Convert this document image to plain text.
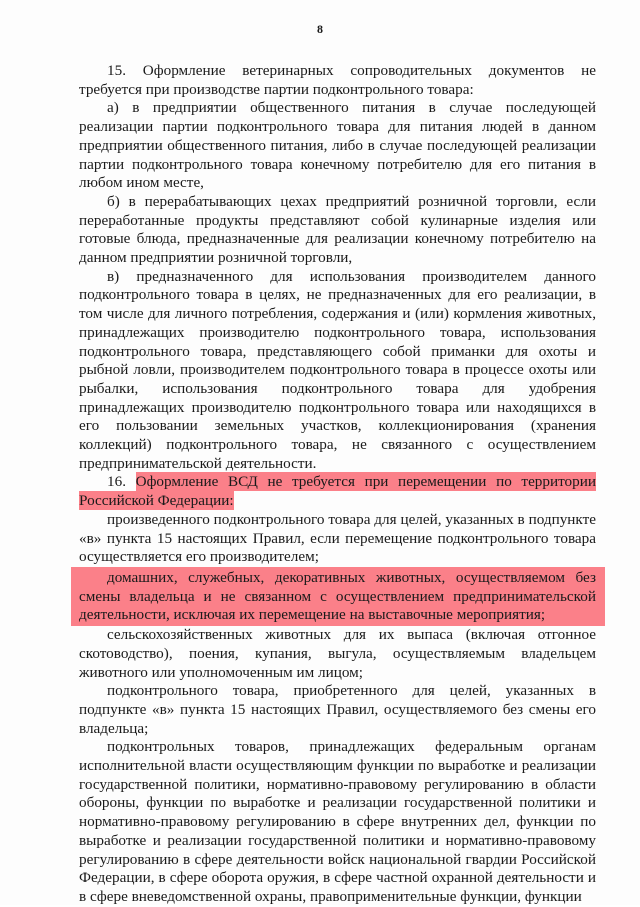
8

15. Оформление ветеринарных сопроводительных документов не требуется при производстве партии подконтрольного товара:

а) в предприятии общественного питания в случае последующей реализации партии подконтрольного товара для питания людей в данном предприятии общественного питания, либо в случае последующей реализации партии подконтрольного товара конечному потребителю для его питания в любом ином месте,

б) в перерабатывающих цехах предприятий розничной торговли, если переработанные продукты представляют собой кулинарные изделия или готовые блюда, предназначенные для реализации конечному потребителю на данном предприятии розничной торговли,

в) предназначенного для использования производителем данного подконтрольного товара в целях, не предназначенных для его реализации, в том числе для личного потребления, содержания и (или) кормления животных, принадлежащих производителю подконтрольного товара, использования подконтрольного товара, представляющего собой приманки для охоты и рыбной ловли, производителем подконтрольного товара в процессе охоты или рыбалки, использования подконтрольного товара для удобрения принадлежащих производителю подконтрольного товара или находящихся в его пользовании земельных участков, коллекционирования (хранения коллекций) подконтрольного товара, не связанного с осуществлением предпринимательской деятельности.

16. Оформление ВСД не требуется при перемещении по территории Российской Федерации:

произведенного подконтрольного товара для целей, указанных в подпункте «в» пункта 15 настоящих Правил, если перемещение подконтрольного товара осуществляется его производителем;

домашних, служебных, декоративных животных, осуществляемом без смены владельца и не связанном с осуществлением предпринимательской деятельности, исключая их перемещение на выставочные мероприятия;

сельскохозяйственных животных для их выпаса (включая отгонное скотоводство), поения, купания, выгула, осуществляемым владельцем животного или уполномоченным им лицом;

подконтрольного товара, приобретенного для целей, указанных в подпункте «в» пункта 15 настоящих Правил, осуществляемого без смены его владельца;

подконтрольных товаров, принадлежащих федеральным органам исполнительной власти осуществляющим функции по выработке и реализации государственной политики, нормативно-правовому регулированию в области обороны, функции по выработке и реализации государственной политики и нормативно-правовому регулированию в сфере внутренних дел, функции по выработке и реализации государственной политики и нормативно-правовому регулированию в сфере деятельности войск национальной гвардии Российской Федерации, в сфере оборота оружия, в сфере частной охранной деятельности и в сфере вневедомственной охраны, правоприменительные функции, функции
